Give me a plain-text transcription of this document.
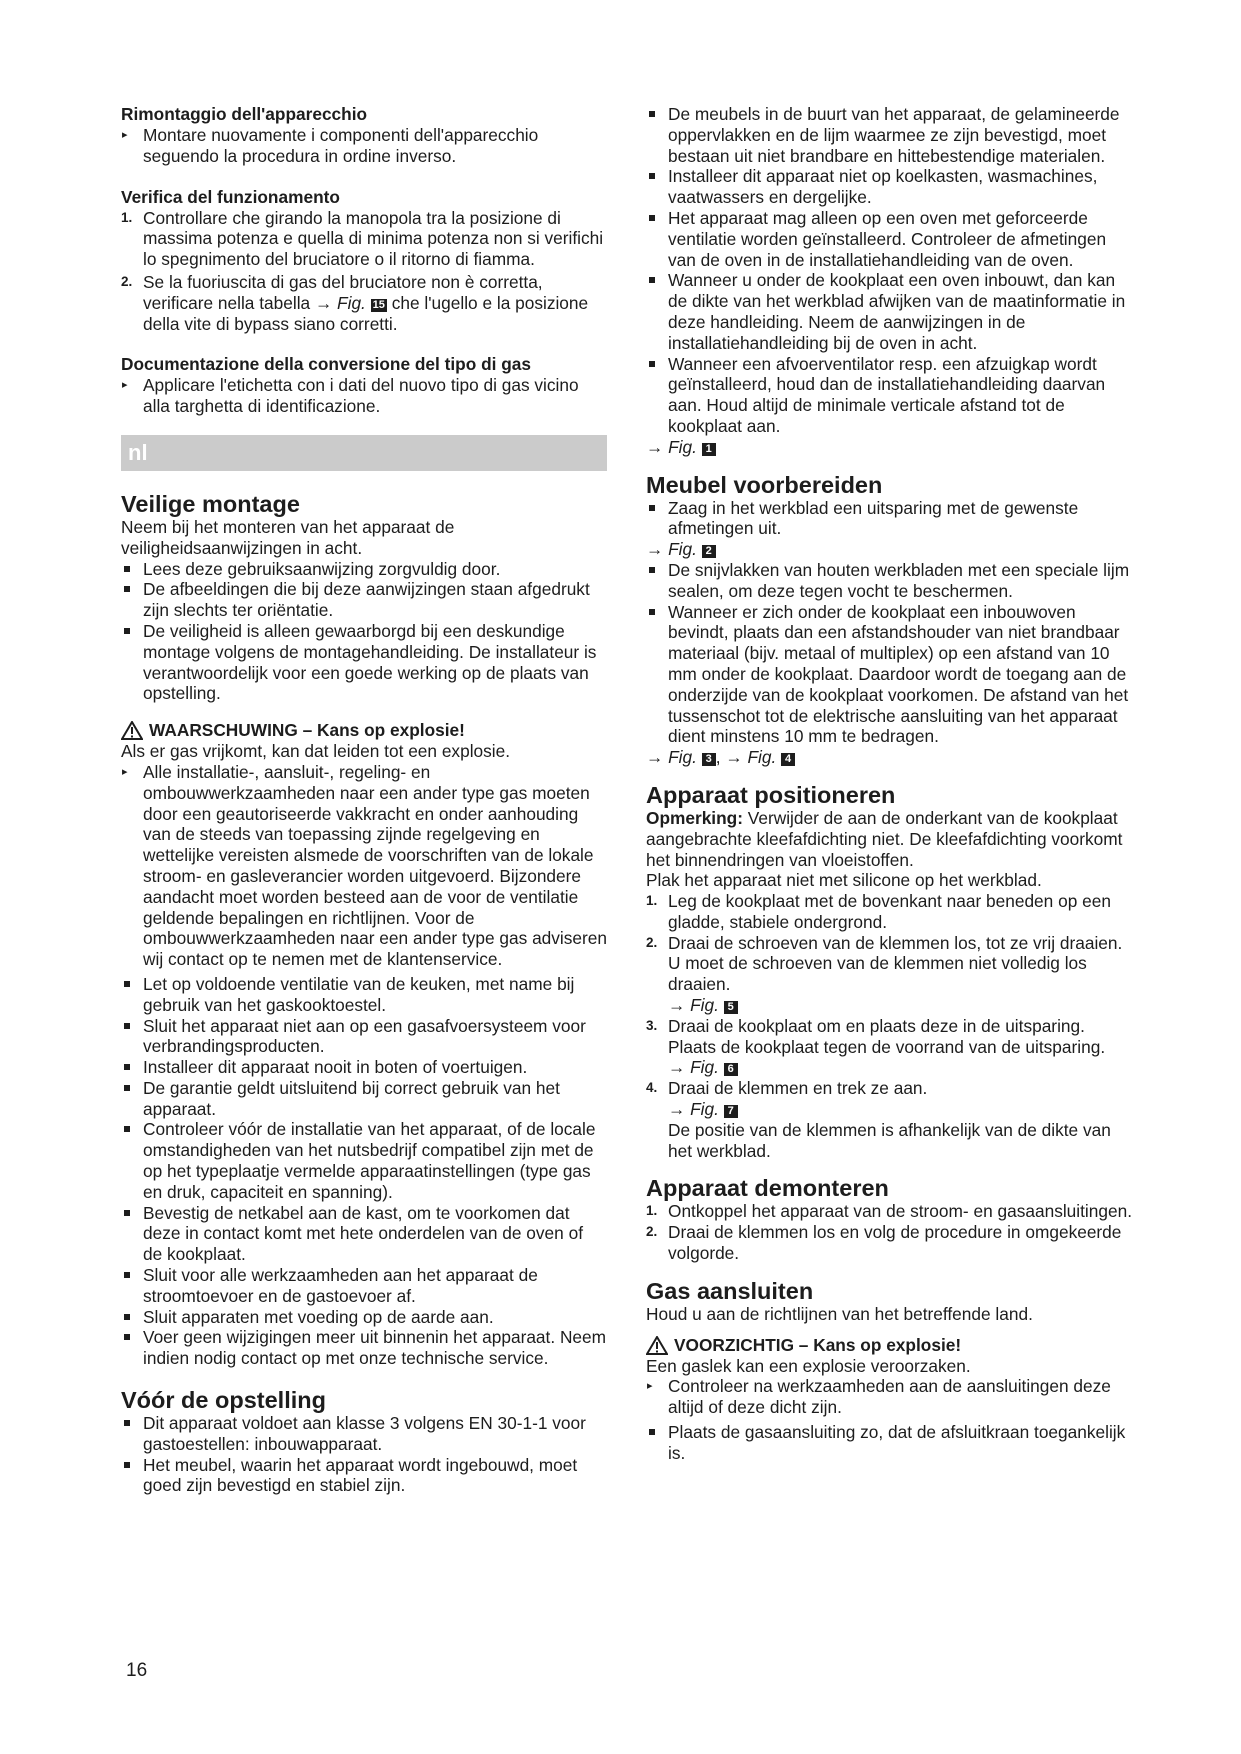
Rimontaggio dell'apparecchio

▸ Montare nuovamente i componenti dell'apparecchio seguendo la procedura in ordine inverso.

Verifica del funzionamento

1. Controllare che girando la manopola tra la posizione di massima potenza e quella di minima potenza non si verifichi lo spegnimento del bruciatore o il ritorno di fiamma.
2. Se la fuoriuscita di gas del bruciatore non è corretta, verificare nella tabella → Fig. 15 che l'ugello e la posizione della vite di bypass siano corretti.

Documentazione della conversione del tipo di gas

▸ Applicare l'etichetta con i dati del nuovo tipo di gas vicino alla targhetta di identificazione.
nl

Veilige montage

Neem bij het monteren van het apparaat de veiligheidsaanwijzingen in acht.

Lees deze gebruiksaanwijzing zorgvuldig door.
De afbeeldingen die bij deze aanwijzingen staan afgedrukt zijn slechts ter oriëntatie.
De veiligheid is alleen gewaarborgd bij een deskundige montage volgens de montagehandleiding. De installateur is verantwoordelijk voor een goede werking op de plaats van opstelling.

WAARSCHUWING – Kans op explosie!

Als er gas vrijkomt, kan dat leiden tot een explosie.

▸ Alle installatie-, aansluit-, regeling- en ombouwwerkzaamheden naar een ander type gas moeten door een geautoriseerde vakkracht en onder aanhouding van de steeds van toepassing zijnde regelgeving en wettelijke vereisten alsmede de voorschriften van de lokale stroom- en gasleverancier worden uitgevoerd. Bijzondere aandacht moet worden besteed aan de voor de ventilatie geldende bepalingen en richtlijnen. Voor de ombouwwerkzaamheden naar een ander type gas adviseren wij contact op te nemen met de klantenservice.
Let op voldoende ventilatie van de keuken, met name bij gebruik van het gaskooktoestel.
Sluit het apparaat niet aan op een gasafvoersysteem voor verbrandingsproducten.
Installeer dit apparaat nooit in boten of voertuigen.
De garantie geldt uitsluitend bij correct gebruik van het apparaat.
Controleer vóór de installatie van het apparaat, of de locale omstandigheden van het nutsbedrijf compatibel zijn met de op het typeplaatje vermelde apparaatinstellingen (type gas en druk, capaciteit en spanning).
Bevestig de netkabel aan de kast, om te voorkomen dat deze in contact komt met hete onderdelen van de oven of de kookplaat.
Sluit voor alle werkzaamheden aan het apparaat de stroomtoevoer en de gastoevoer af.
Sluit apparaten met voeding op de aarde aan.
Voer geen wijzigingen meer uit binnenin het apparaat. Neem indien nodig contact op met onze technische service.

Vóór de opstelling

Dit apparaat voldoet aan klasse 3 volgens EN 30-1-1 voor gastoestellen: inbouwapparaat.
Het meubel, waarin het apparaat wordt ingebouwd, moet goed zijn bevestigd en stabiel zijn.
16
De meubels in de buurt van het apparaat, de gelamineerde oppervlakken en de lijm waarmee ze zijn bevestigd, moet bestaan uit niet brandbare en hittebestendige materialen.
Installeer dit apparaat niet op koelkasten, wasmachines, vaatwassers en dergelijke.
Het apparaat mag alleen op een oven met geforceerde ventilatie worden geïnstalleerd. Controleer de afmetingen van de oven in de installatiehandleiding van de oven.
Wanneer u onder de kookplaat een oven inbouwt, dan kan de dikte van het werkblad afwijken van de maatinformatie in deze handleiding. Neem de aanwijzingen in de installatiehandleiding bij de oven in acht.
Wanneer een afvoerventilator resp. een afzuigkap wordt geïnstalleerd, houd dan de installatiehandleiding daarvan aan. Houd altijd de minimale verticale afstand tot de kookplaat aan.

→ Fig. 1

Meubel voorbereiden

Zaag in het werkblad een uitsparing met de gewenste afmetingen uit.

→ Fig. 2

De snijvlakken van houten werkbladen met een speciale lijm sealen, om deze tegen vocht te beschermen.
Wanneer er zich onder de kookplaat een inbouwoven bevindt, plaats dan een afstandshouder van niet brandbaar materiaal (bijv. metaal of multiplex) op een afstand van 10 mm onder de kookplaat. Daardoor wordt de toegang aan de onderzijde van de kookplaat voorkomen. De afstand van het tussenschot tot de elektrische aansluiting van het apparaat dient minstens 10 mm te bedragen.

→ Fig. 3 , → Fig. 4

Apparaat positioneren

Opmerking: Verwijder de aan de onderkant van de kookplaat aangebrachte kleefafdichting niet. De kleefafdichting voorkomt het binnendringen van vloeistoffen.

Plak het apparaat niet met silicone op het werkblad.

1. Leg de kookplaat met de bovenkant naar beneden op een gladde, stabiele ondergrond.
2. Draai de schroeven van de klemmen los, tot ze vrij draaien. U moet de schroeven van de klemmen niet volledig los draaien.
→ Fig. 5
3. Draai de kookplaat om en plaats deze in de uitsparing. Plaats de kookplaat tegen de voorrand van de uitsparing.
→ Fig. 6
4. Draai de klemmen en trek ze aan.
→ Fig. 7
De positie van de klemmen is afhankelijk van de dikte van het werkblad.

Apparaat demonteren

1. Ontkoppel het apparaat van de stroom- en gasaansluitingen.
2. Draai de klemmen los en volg de procedure in omgekeerde volgorde.

Gas aansluiten

Houd u aan de richtlijnen van het betreffende land.

VOORZICHTIG – Kans op explosie!

Een gaslek kan een explosie veroorzaken.

▸ Controleer na werkzaamheden aan de aansluitingen deze altijd of deze dicht zijn.
Plaats de gasaansluiting zo, dat de afsluitkraan toegankelijk is.
